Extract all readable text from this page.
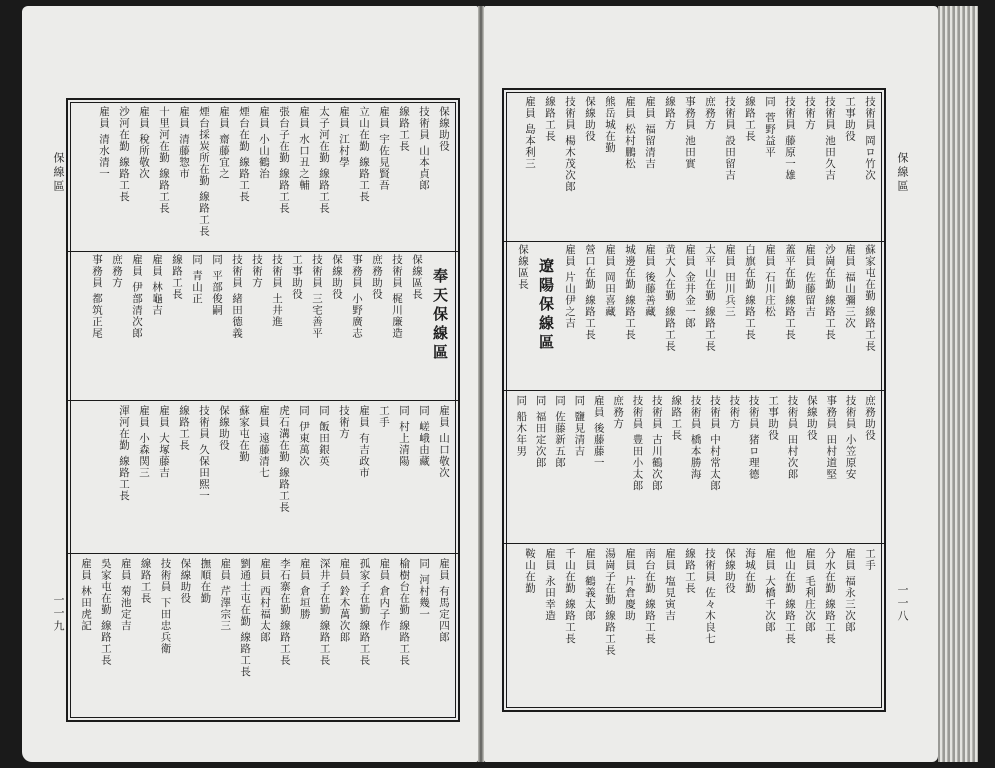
保線區
一一九
保線助役
技術員 山本貞郎
線路工長
雇員 宇佐見賢吾
立山在勤 線路工長
雇員 江村學
太子河在勤 線路工長
雇員 水口丑之輔
張台子在勤 線路工長
雇員 小山鶴治
煙台在勤 線路工長
雇員 齋藤宜之
煙台採炭所在勤 線路工長
雇員 清藤惣市
十里河在勤 線路工長
雇員 稅所敬次
沙河在勤 線路工長
雇員 清水清一
奉天保線區
保線區長
技術員 梶川廉造
庶務助役
事務員 小野廣志
保線助役
技術員 三宅善平
工事助役
技術員 土井進
技術方
技術員 緒田德義
同 平部俊嗣
同 青山正
線路工長
雇員 林龜吉
雇員 伊部清次郎
庶務方
事務員 都筑正尾
雇員 山口敬次
同 嵯峨由藏
同 村上清陽
工手
雇員 有吉政市
技術方
同 飯田銀英
同 伊東萬次
虎石溝在勤 線路工長
雇員 遠藤清七
蘇家屯在勤
保線助役
技術員 久保田熙一
線路工長
雇員 大塚藤吉
雇員 小森関三
渾河在勤 線路工長
雇員 有馬定四郎
同 河村幾一
榆樹台在勤 線路工長
雇員 倉内子作
孤家子在勤 線路工長
雇員 鈴木萬次郎
深井子在勤 線路工長
雇員 倉垣勝
李石寨在勤 線路工長
雇員 西村福太郎
劉通士屯在勤 線路工長
雇員 芹澤宗三
撫順在勤
保線助役
技術員 下田忠兵衛
線路工長
雇員 菊池定吉
吳家屯在勤 線路工長
雇員 林田虎記
保線區
一一八
技術員 岡ロ竹次
工事助役
技術員 池田久吉
技術方
技術員 藤原一雄
同 菅野益平
線路工長
技術員 設田留吉
庶務方
事務員 池田實
線路方
雇員 福留清吉
雇員 松村鵬松
熊岳城在勤
保線助役
技術員 楊木茂次郎
線路工長
雇員 島本利三
蘇家屯在勤 線路工長
雇員 福山彌三次
沙崗在勤 線路工長
雇員 佐藤留吉
蓋平在勤 線路工長
雇員 石川庄松
白旗在勤 線路工長
雇員 田川兵三
太平山在勤 線路工長
雇員 金井金一郎
黄大人在勤 線路工長
雇員 後藤善藏
城邊在勤 線路工長
雇員 岡田喜藏
營口在勤 線路工長
雇員 片山伊之吉
遼陽保線區
保線區長
庶務助役
技術員 小笠原安
事務員 田村道堅
保線助役
技術員 田村次郎
工事助役
技術員 猪ロ理德
技術方
技術員 中村常太郎
技術員 橋本勝海
線路工長
技術員 古川鶴次郎
技術員 豊田小太郎
庶務方
雇員 後藤藤一
同 鹽見清吉
同 佐藤新五郎
同 福田定次郎
同 船木年男
工手
雇員 福永三次郎
分水在勤 線路工長
雇員 毛利庄次郎
他山在勤 線路工長
雇員 大橋千次郎
海城在勤
保線助役
技術員 佐々木良七
線路工長
雇員 塩見寅吉
南台在勤 線路工長
雇員 片倉慶助
湯崗子在勤 線路工長
雇員 鶴義太郎
千山在勤 線路工長
雇員 永田幸造
鞍山在勤
